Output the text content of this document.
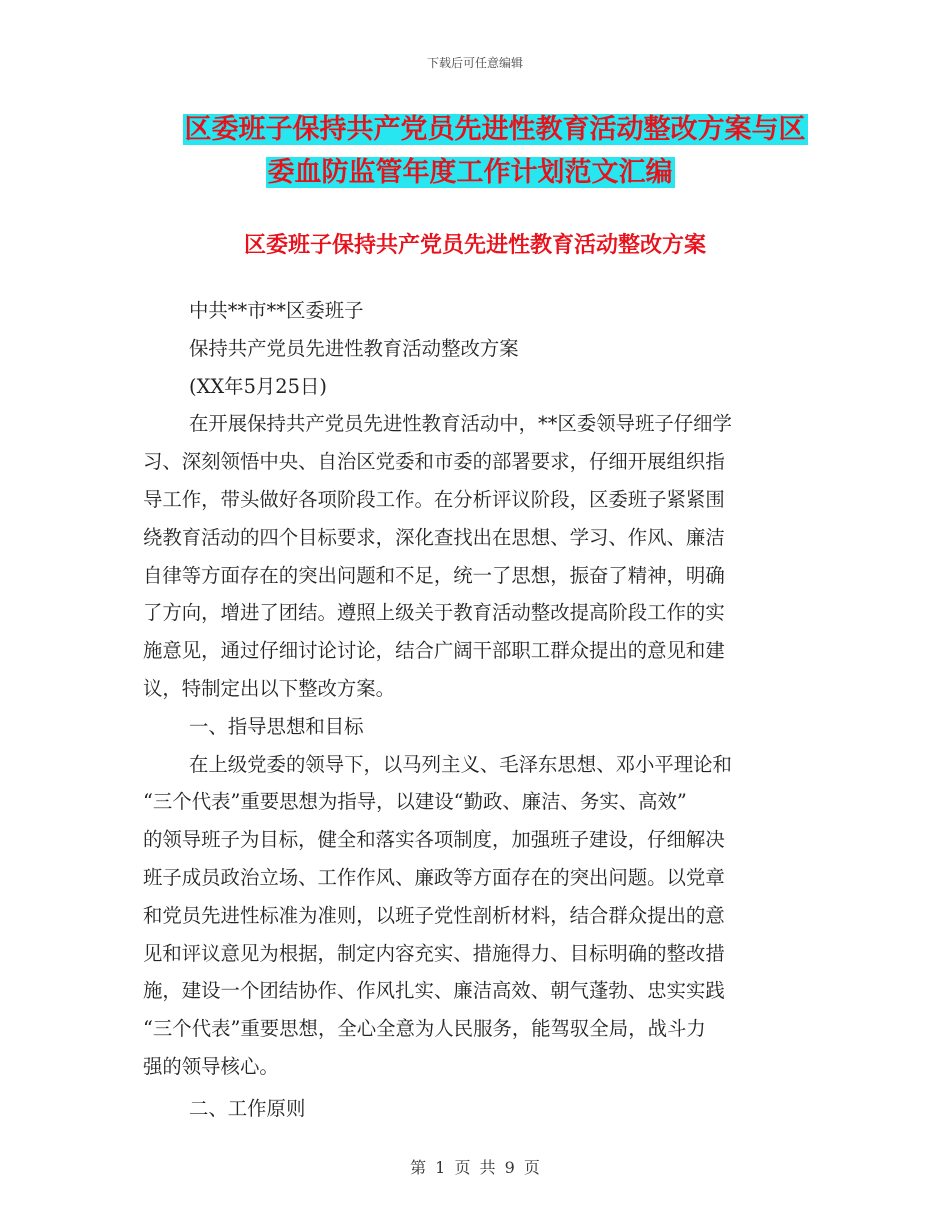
下载后可任意编辑
区委班子保持共产党员先进性教育活动整改方案与区
委血防监管年度工作计划范文汇编
区委班子保持共产党员先进性教育活动整改方案
中共**市**区委班子
保持共产党员先进性教育活动整改方案
(XX年5月25日)
在开展保持共产党员先进性教育活动中，**区委领导班子仔细学
习、深刻领悟中央、自治区党委和市委的部署要求，仔细开展组织指
导工作，带头做好各项阶段工作。在分析评议阶段，区委班子紧紧围
绕教育活动的四个目标要求，深化查找出在思想、学习、作风、廉洁
自律等方面存在的突出问题和不足，统一了思想，振奋了精神，明确
了方向，增进了团结。遵照上级关于教育活动整改提高阶段工作的实
施意见，通过仔细讨论讨论，结合广阔干部职工群众提出的意见和建
议，特制定出以下整改方案。
一、指导思想和目标
在上级党委的领导下，以马列主义、毛泽东思想、邓小平理论和
“三个代表”重要思想为指导，以建设“勤政、廉洁、务实、高效”
的领导班子为目标，健全和落实各项制度，加强班子建设，仔细解决
班子成员政治立场、工作作风、廉政等方面存在的突出问题。以党章
和党员先进性标准为准则，以班子党性剖析材料，结合群众提出的意
见和评议意见为根据，制定内容充实、措施得力、目标明确的整改措
施，建设一个团结协作、作风扎实、廉洁高效、朝气蓬勃、忠实实践
“三个代表”重要思想，全心全意为人民服务，能驾驭全局，战斗力
强的领导核心。
二、工作原则
第 1 页 共 9 页
